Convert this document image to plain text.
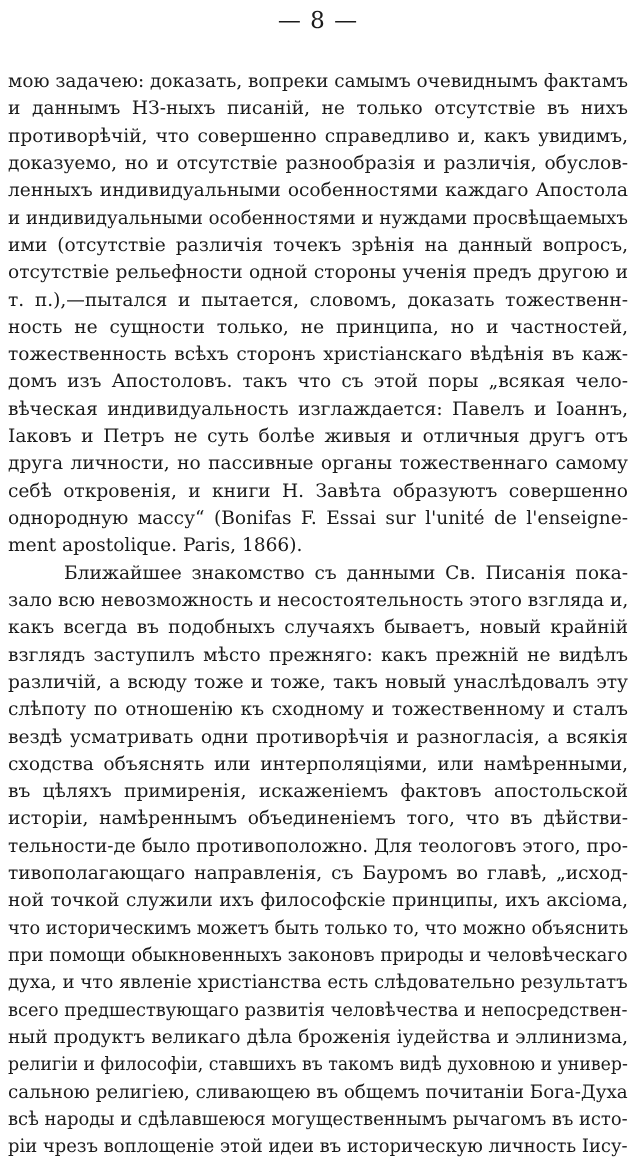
— 8 —
мою задачею: доказать, вопреки самымъ очевиднымъ фактамъ
и даннымъ НЗ-ныхъ писаній, не только отсутствіе въ нихъ
противорѣчій, что совершенно справедливо и, какъ увидимъ,
доказуемо, но и отсутствіе разнообразія и различія, обуслов-
ленныхъ индивидуальными особенностями каждаго Апостола
и индивидуальными особенностями и нуждами просвѣщаемыхъ
ими (отсутствіе различія точекъ зрѣнія на данный вопросъ,
отсутствіе рельефности одной стороны ученія предъ другою и
т. п.),—пытался и пытается, словомъ, доказать тожественн-
ность не сущности только, не принципа, но и частностей,
тожественность всѣхъ сторонъ христіанскаго вѣдѣнія въ каж-
домъ изъ Апостоловъ. такъ что съ этой поры „всякая чело-
вѣческая индивидуальность изглаждается: Павелъ и Іоаннъ,
Іаковъ и Петръ не суть болѣе живыя и отличныя другъ отъ
друга личности, но пассивные органы тожественнаго самому
себѣ откровенія, и книги Н. Завѣта образуютъ совершенно
однородную массу“ (Bonifas F. Essai sur l'unité de l'enseigne-
ment apostolique. Paris, 1866).
Ближайшее знакомство съ данными Св. Писанія пока-
зало всю невозможность и несостоятельность этого взгляда и,
какъ всегда въ подобныхъ случаяхъ бываетъ, новый крайній
взглядъ заступилъ мѣсто прежняго: какъ прежній не видѣлъ
различій, а всюду тоже и тоже, такъ новый унаслѣдовалъ эту
слѣпоту по отношенію къ сходному и тожественному и сталъ
вездѣ усматривать одни противорѣчія и разногласія, а всякія
сходства объяснять или интерполяціями, или намѣренными,
въ цѣляхъ примиренія, искаженіемъ фактовъ апостольской
исторіи, намѣреннымъ объединеніемъ того, что въ дѣйстви-
тельности-де было противоположно. Для теологовъ этого, про-
тивополагающаго направленія, съ Бауромъ во главѣ, „исход-
ной точкой служили ихъ философскіе принципы, ихъ аксіома,
что историческимъ можетъ быть только то, что можно объяснить
при помощи обыкновенныхъ законовъ природы и человѣческаго
духа, и что явленіе христіанства есть слѣдовательно результатъ
всего предшествующаго развитія человѣчества и непосредствен-
ный продуктъ великаго дѣла броженія іудейства и эллинизма,
религіи и философіи, ставшихъ въ такомъ видѣ духовною и универ-
сальною религіею, сливающею въ общемъ почитаніи Бога-Духа
всѣ народы и сдѣлавшеюся могущественнымъ рычагомъ въ исто-
ріи чрезъ воплощеніе этой идеи въ историческую личность Іису-
